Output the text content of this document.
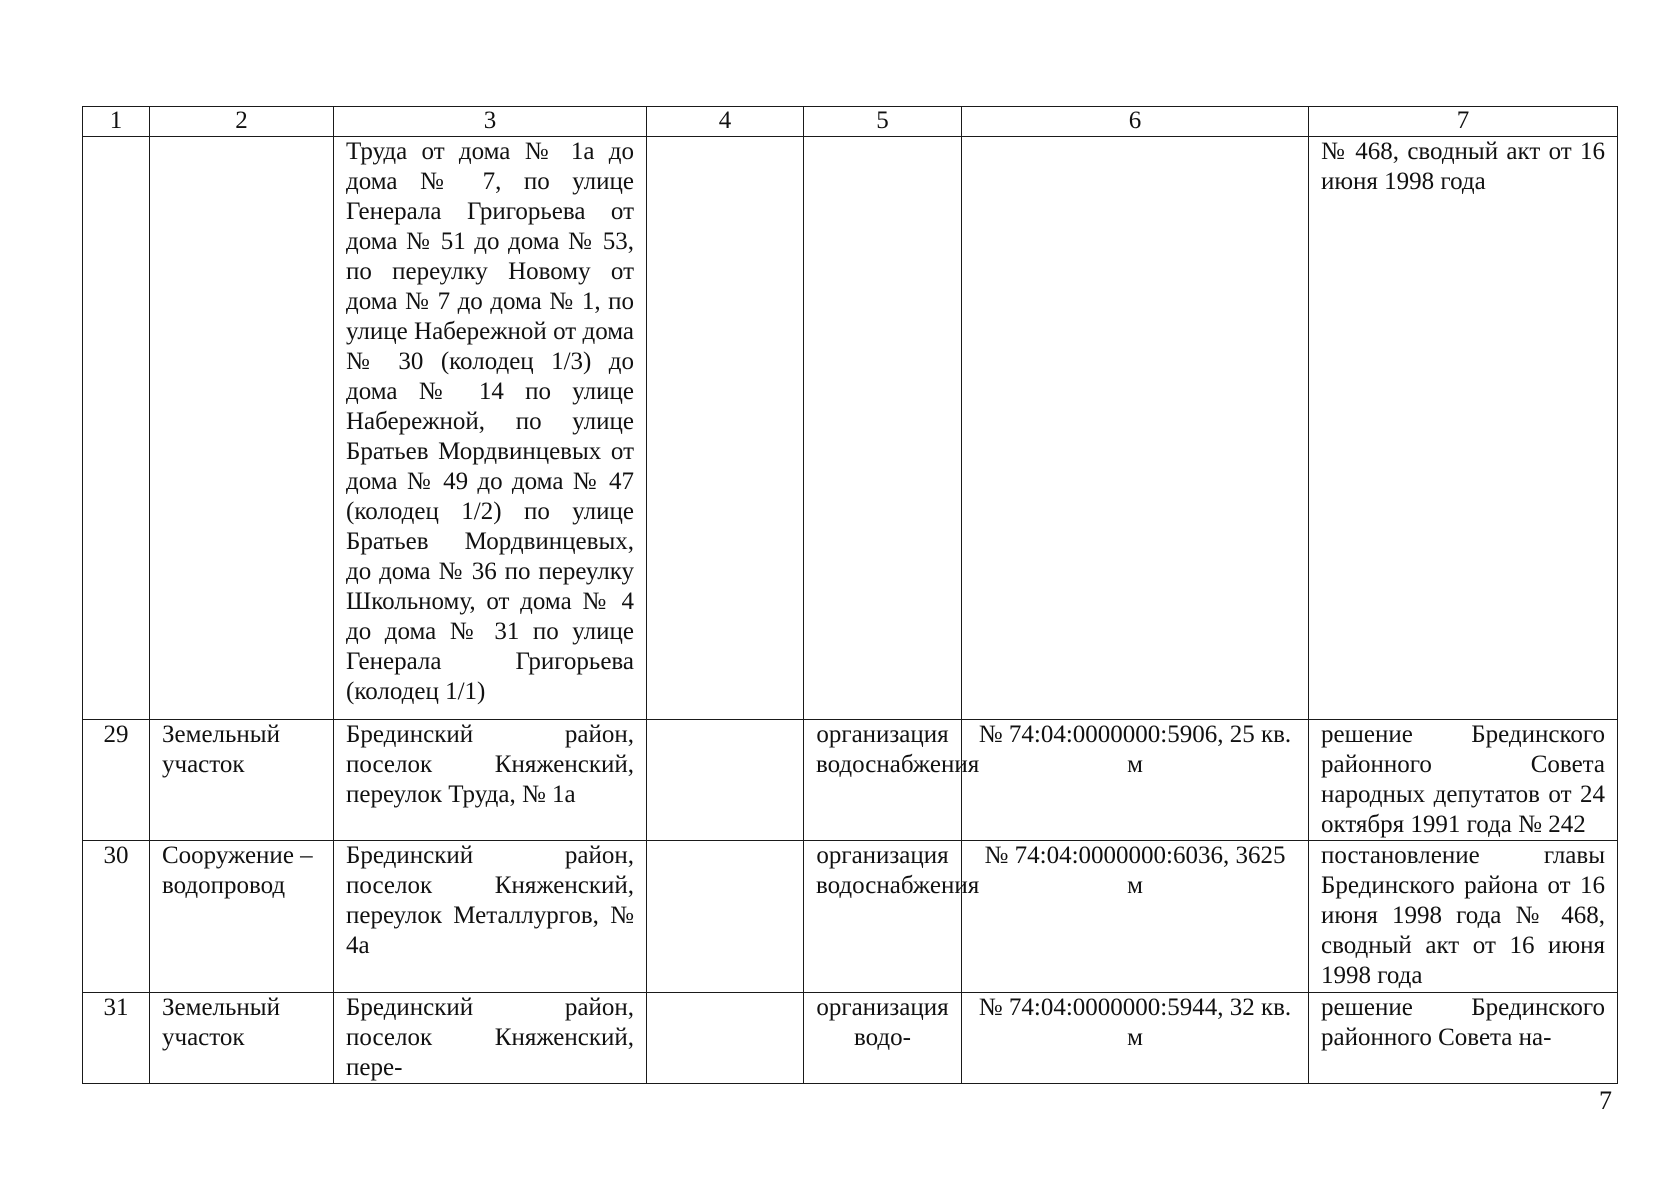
1	2	3	4	5	6	7
		Труда от дома № 1а до дома № 7, по улице Генерала Григорьева от дома № 51 до дома № 53, по переулку Новому от дома № 7 до дома № 1, по улице Набережной от дома № 30 (колодец 1/3) до дома № 14 по улице Набережной, по улице Братьев Мордвинцевых от дома № 49 до дома № 47 (колодец 1/2) по улице Братьев Мордвинцевых, до дома № 36 по переулку Школьному, от дома № 4 до дома № 31 по улице Генерала Григорьева (колодец 1/1)				№ 468, сводный акт от 16 июня 1998 года
29	Земельный участок	Брединский район, поселок Княженский, переулок Труда, № 1а		организация водоснабжения	№ 74:04:0000000:5906, 25 кв. м	решение Брединского районного Совета народных депутатов от 24 октября 1991 года № 242
30	Сооружение – водопровод	Брединский район, поселок Княженский, переулок Металлургов, № 4а		организация водоснабжения	№ 74:04:0000000:6036, 3625 м	постановление главы Брединского района от 16 июня 1998 года № 468, сводный акт от 16 июня 1998 года
31	Земельный участок	Брединский район, поселок Княженский, пере-		организация водо-	№ 74:04:0000000:5944, 32 кв. м	решение Брединского районного Совета на-
7
